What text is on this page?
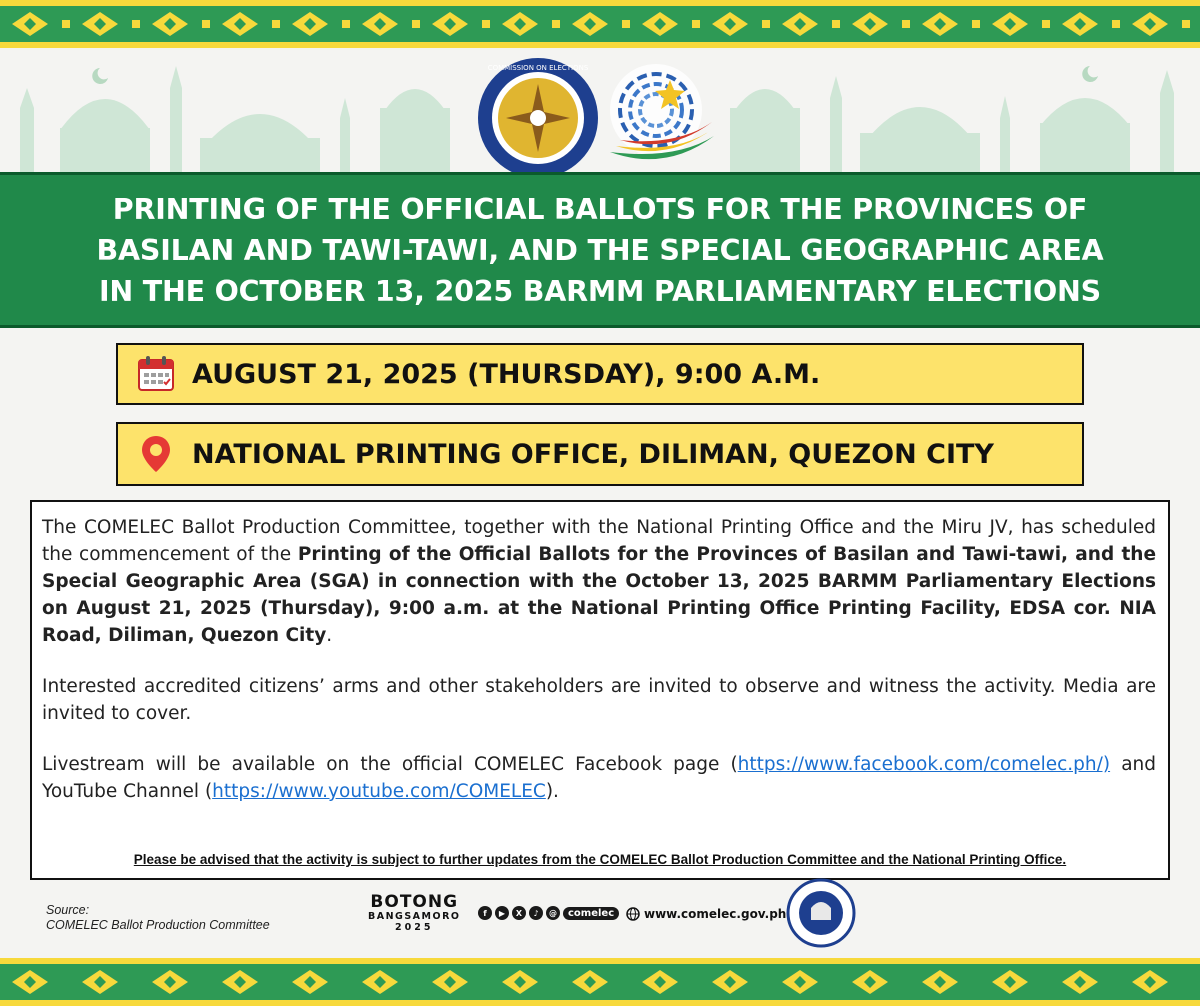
COMMISSION ON ELECTIONS
PRINTING OF THE OFFICIAL BALLOTS FOR THE PROVINCES OF
BASILAN AND TAWI-TAWI, AND THE SPECIAL GEOGRAPHIC AREA
IN THE OCTOBER 13, 2025 BARMM PARLIAMENTARY ELECTIONS
AUGUST 21, 2025 (THURSDAY), 9:00 A.M.
NATIONAL PRINTING OFFICE, DILIMAN, QUEZON CITY

The COMELEC Ballot Production Committee, together with the National Printing Office and the Miru JV, has scheduled the commencement of the Printing of the Official Ballots for the Provinces of Basilan and Tawi-tawi, and the Special Geographic Area (SGA) in connection with the October 13, 2025 BARMM Parliamentary Elections on August 21, 2025 (Thursday), 9:00 a.m. at the National Printing Office Printing Facility, EDSA cor. NIA Road, Diliman, Quezon City.

Interested accredited citizens’ arms and other stakeholders are invited to observe and witness the activity. Media are invited to cover.

Livestream will be available on the official COMELEC Facebook page (https://www.facebook.com/comelec.ph/) and YouTube Channel (https://www.youtube.com/COMELEC).

Please be advised that the activity is subject to further updates from the COMELEC Ballot Production Committee and the National Printing Office.
Source:
COMELEC Ballot Production Committee
BOTONG
BANGSAMORO
2025
f	▶	X	♪	@	comelec	www.comelec.gov.ph
